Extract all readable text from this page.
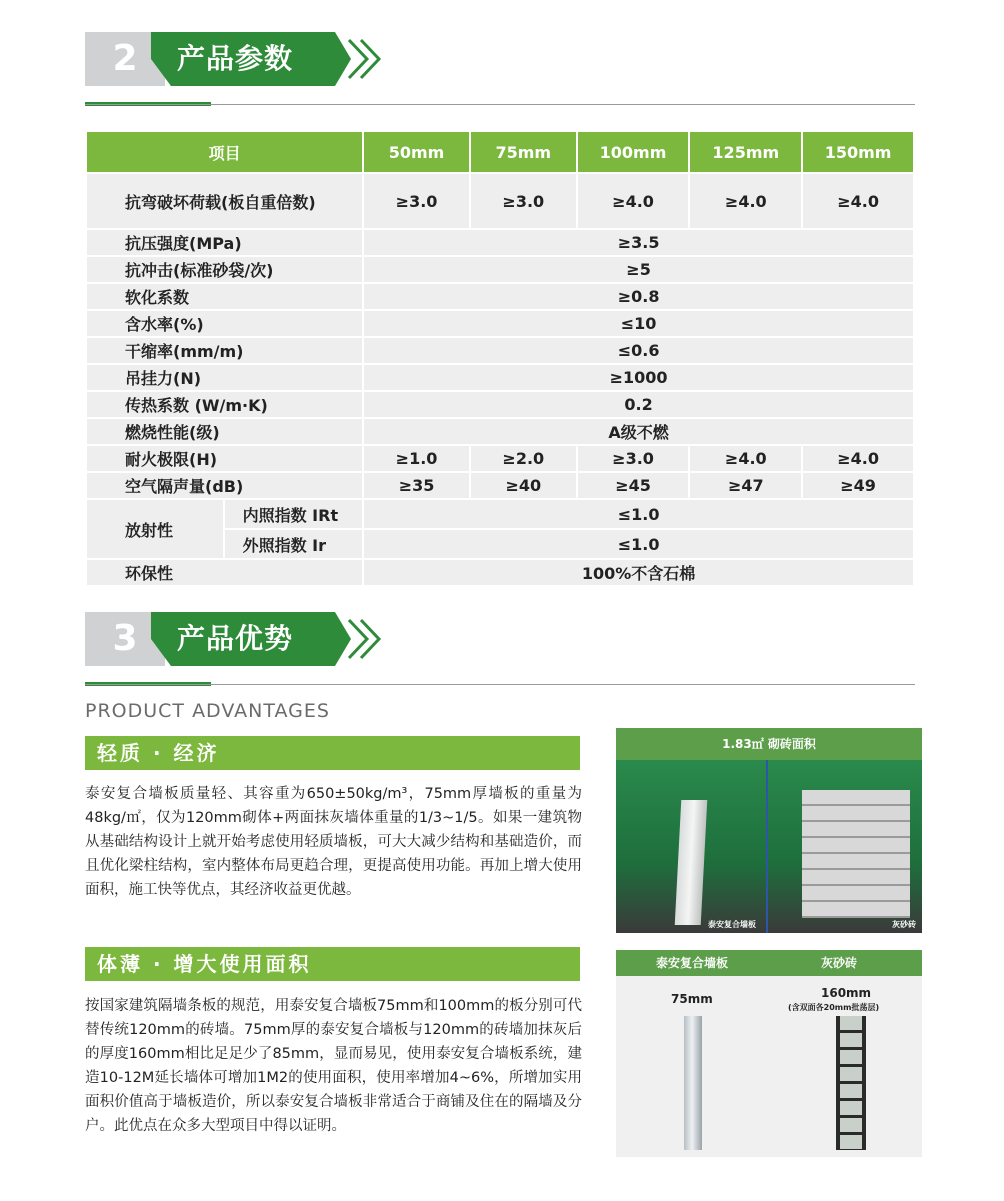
2	产品参数
项目		50mm	75mm	100mm	125mm	150mm
抗弯破坏荷载(板自重倍数)		≥3.0	≥3.0	≥4.0	≥4.0	≥4.0
抗压强度(MPa)		≥3.5				
抗冲击(标准砂袋/次)		≥5				
软化系数		≥0.8				
含水率(%)		≤10				
干缩率(mm/m)		≤0.6				
吊挂力(N)		≥1000				
传热系数 (W/m·K)		0.2				
燃烧性能(级)		A级不燃				
耐火极限(H)		≥1.0	≥2.0	≥3.0	≥4.0	≥4.0
空气隔声量(dB)		≥35	≥40	≥45	≥47	≥49
放射性	内照指数 IRt	≤1.0				
	外照指数 Ir	≤1.0				
环保性		100%不含石棉				
3	产品优势
PRODUCT ADVANTAGES
轻质 · 经济
泰安复合墙板质量轻、其容重为650±50kg/m³，75mm厚墙板的重量为48kg/㎡，仅为120mm砌体+两面抹灰墙体重量的1/3~1/5。如果一建筑物从基础结构设计上就开始考虑使用轻质墙板，可大大减少结构和基础造价，而且优化梁柱结构，室内整体布局更趋合理，更提高使用功能。再加上增大使用面积，施工快等优点，其经济收益更优越。
体薄 · 增大使用面积
按国家建筑隔墙条板的规范，用泰安复合墙板75mm和100mm的板分别可代替传统120mm的砖墙。75mm厚的泰安复合墙板与120mm的砖墙加抹灰后的厚度160mm相比足足少了85mm，显而易见，使用泰安复合墙板系统，建造10-12M延长墙体可增加1M2的使用面积，使用率增加4~6%，所增加实用面积价值高于墙板造价，所以泰安复合墙板非常适合于商铺及住在的隔墙及分户。此优点在众多大型项目中得以证明。
1.83㎡ 砌砖面积
泰安复合墙板	灰砂砖
泰安复合墙板	灰砂砖
75mm	160mm
(含双面各20mm批荡层)
